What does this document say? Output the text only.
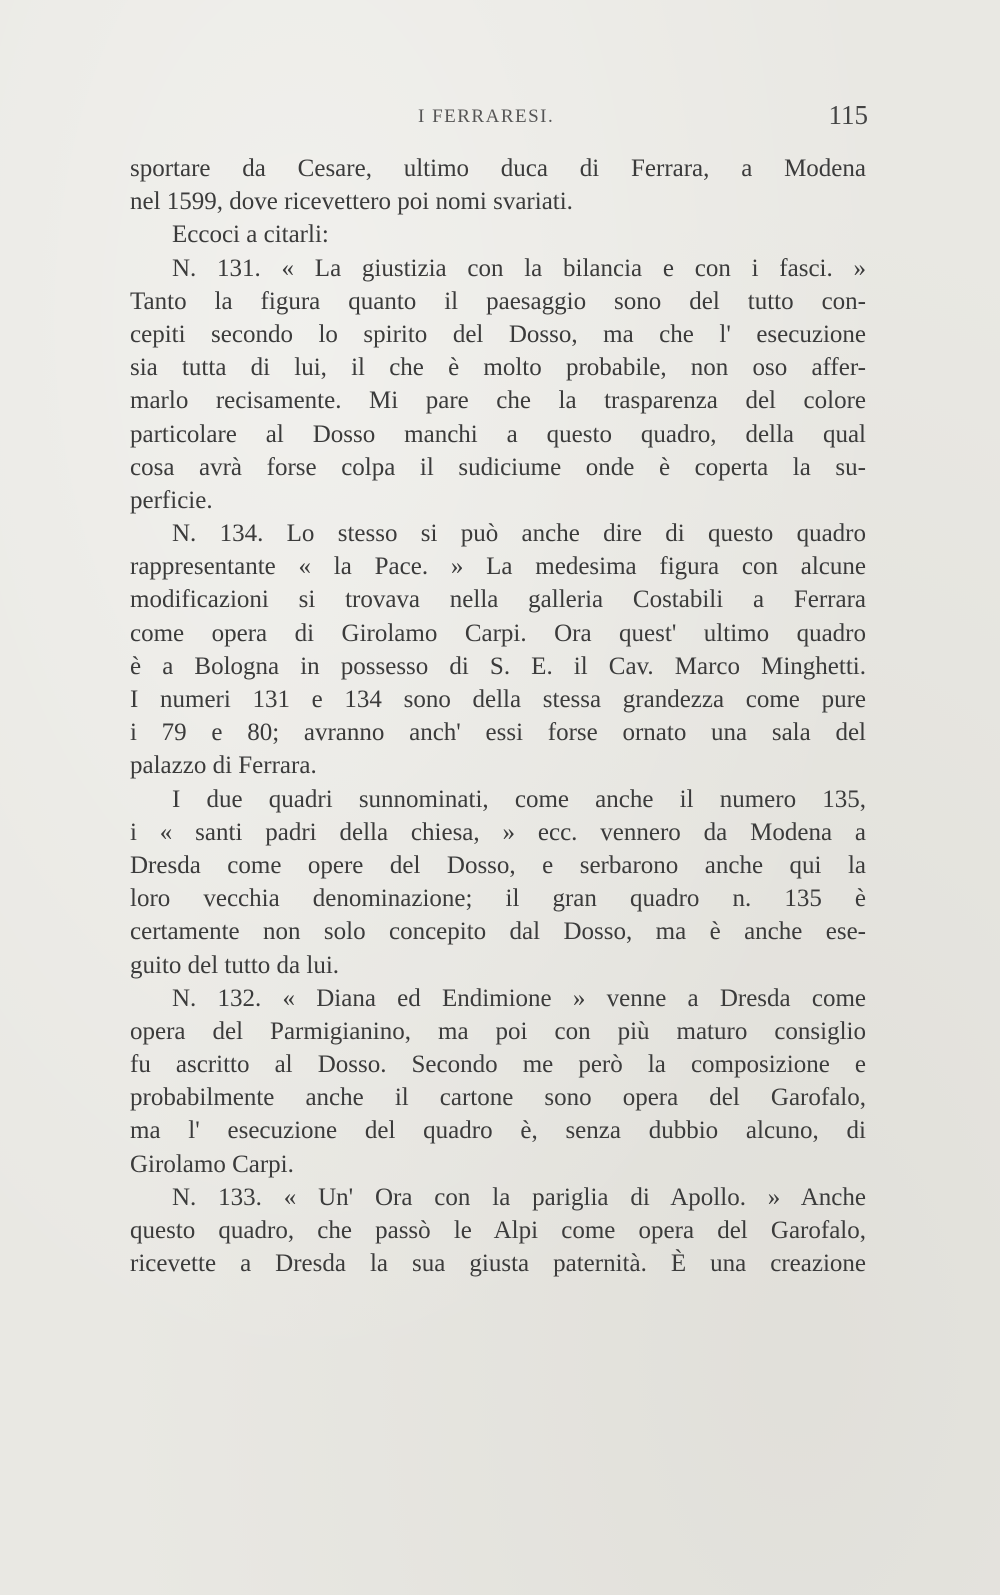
I FERRARESI.	115
sportare da Cesare, ultimo duca di Ferrara, a Modena
nel 1599, dove ricevettero poi nomi svariati.
Eccoci a citarli:
N. 131. « La giustizia con la bilancia e con i fasci. »
Tanto la figura quanto il paesaggio sono del tutto con-
cepiti secondo lo spirito del Dosso, ma che l' esecuzione
sia tutta di lui, il che è molto probabile, non oso affer-
marlo recisamente. Mi pare che la trasparenza del colore
particolare al Dosso manchi a questo quadro, della qual
cosa avrà forse colpa il sudiciume onde è coperta la su-
perficie.
N. 134. Lo stesso si può anche dire di questo quadro
rappresentante « la Pace. » La medesima figura con alcune
modificazioni si trovava nella galleria Costabili a Ferrara
come opera di Girolamo Carpi. Ora quest' ultimo quadro
è a Bologna in possesso di S. E. il Cav. Marco Minghetti.
I numeri 131 e 134 sono della stessa grandezza come pure
i 79 e 80; avranno anch' essi forse ornato una sala del
palazzo di Ferrara.
I due quadri sunnominati, come anche il numero 135,
i « santi padri della chiesa, » ecc. vennero da Modena a
Dresda come opere del Dosso, e serbarono anche qui la
loro vecchia denominazione; il gran quadro n. 135 è
certamente non solo concepito dal Dosso, ma è anche ese-
guito del tutto da lui.
N. 132. « Diana ed Endimione » venne a Dresda come
opera del Parmigianino, ma poi con più maturo consiglio
fu ascritto al Dosso. Secondo me però la composizione e
probabilmente anche il cartone sono opera del Garofalo,
ma l' esecuzione del quadro è, senza dubbio alcuno, di
Girolamo Carpi.
N. 133. « Un' Ora con la pariglia di Apollo. » Anche
questo quadro, che passò le Alpi come opera del Garofalo,
ricevette a Dresda la sua giusta paternità. È una creazione
